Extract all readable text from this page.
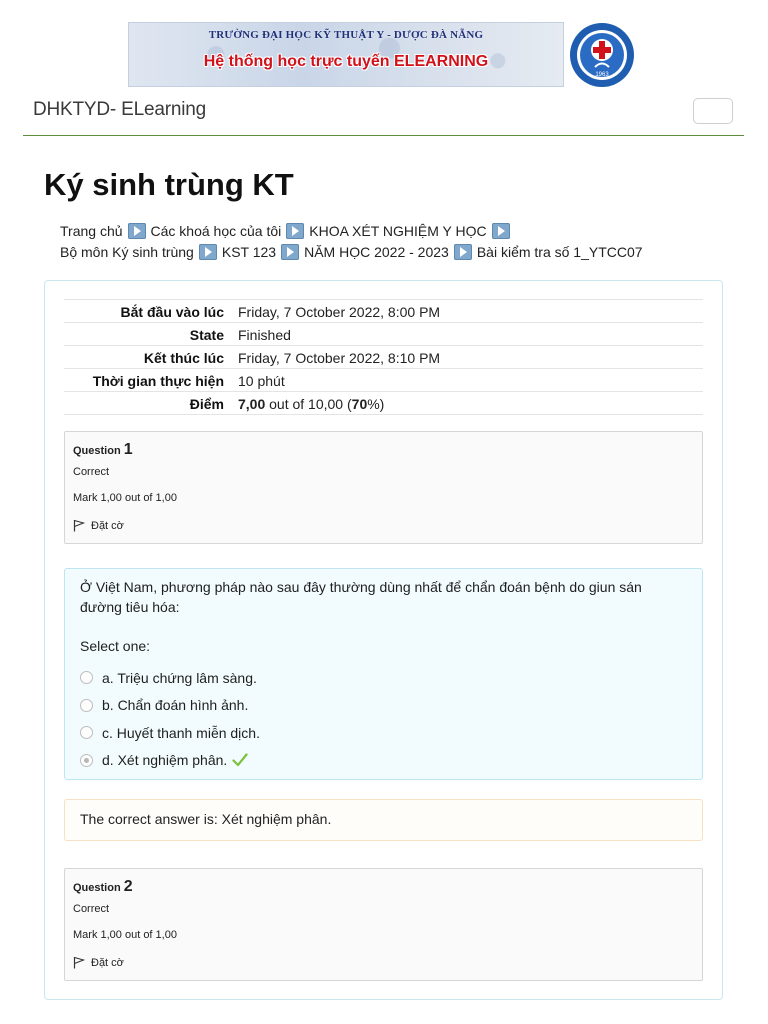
TRƯỜNG ĐẠI HỌC KỸ THUẬT Y - DƯỢC ĐÀ NẴNG
Hệ thống học trực tuyến ELEARNING
1963
DHKTYD- ELearning
Ký sinh trùng KT
Trang chủ Các khoá học của tôi KHOA XÉT NGHIỆM Y HỌC
Bộ môn Ký sinh trùng KST 123 NĂM HỌC 2022 - 2023 Bài kiểm tra số 1_YTCC07
Bắt đầu vào lúc	Friday, 7 October 2022, 8:00 PM
State	Finished
Kết thúc lúc	Friday, 7 October 2022, 8:10 PM
Thời gian thực hiện	10 phút
Điểm	7,00 out of 10,00 (70%)
Question 1
Correct
Mark 1,00 out of 1,00
Đặt cờ
Ở Việt Nam, phương pháp nào sau đây thường dùng nhất để chẩn đoán bệnh do giun sán đường tiêu hóa:
Select one:
a. Triệu chứng lâm sàng.
b. Chẩn đoán hình ảnh.
c. Huyết thanh miễn dịch.
d. Xét nghiệm phân.
The correct answer is: Xét nghiệm phân.
Question 2
Correct
Mark 1,00 out of 1,00
Đặt cờ
